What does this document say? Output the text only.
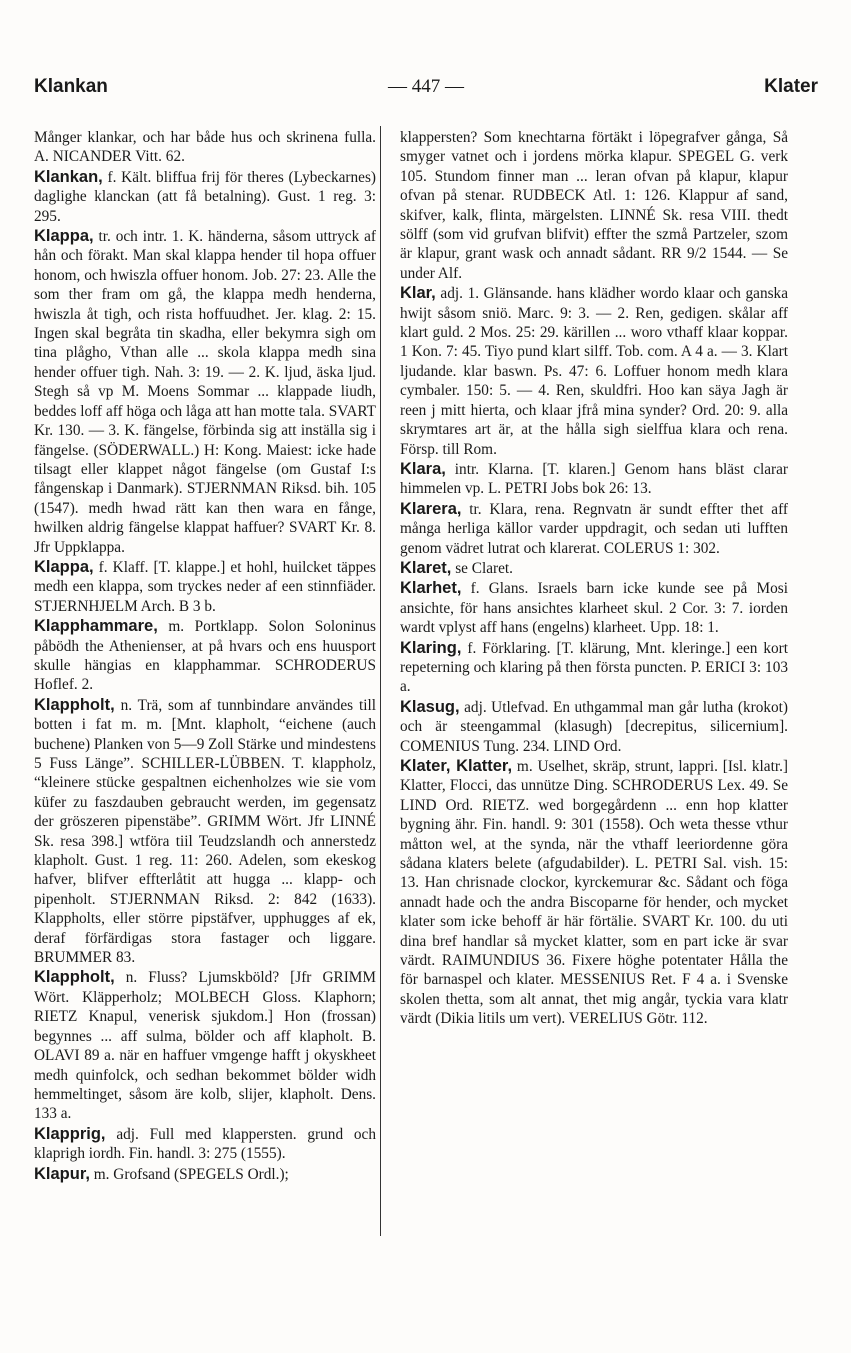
Klankan	— 447 —	Klater
Månger klankar, och har både hus och skrinena fulla. A. NICANDER Vitt. 62.
Klankan, f. Kält. bliffua frij för theres (Lybeckarnes) daglighe klanckan (att få betalning). Gust. 1 reg. 3: 295.
Klappa, tr. och intr. 1. K. händerna, såsom uttryck af hån och förakt. Man skal klappa hender til hopa offuer honom, och hwiszla offuer honom. Job. 27: 23. Alle the som ther fram om gå, the klappa medh henderna, hwiszla åt tigh, och rista hoffuudhet. Jer. klag. 2: 15. Ingen skal begråta tin skadha, eller bekymra sigh om tina plågho, Vthan alle ... skola klappa medh sina hender offuer tigh. Nah. 3: 19. — 2. K. ljud, äska ljud. Stegh så vp M. Moens Sommar ... klappade liudh, beddes loff aff höga och låga att han motte tala. SVART Kr. 130. — 3. K. fängelse, förbinda sig att inställa sig i fängelse. (SÖDERWALL.) H: Kong. Maiest: icke hade tilsagt eller klappet något fängelse (om Gustaf I:s fångenskap i Danmark). STJERNMAN Riksd. bih. 105 (1547). medh hwad rätt kan then wara en fånge, hwilken aldrig fängelse klappat haffuer? SVART Kr. 8. Jfr Uppklappa.
Klappa, f. Klaff. [T. klappe.] et hohl, huilcket täppes medh een klappa, som tryckes neder af een stinnfiäder. STJERNHJELM Arch. B 3 b.
Klapphammare, m. Portklapp. Solon Soloninus påbödh the Athenienser, at på hvars och ens huusport skulle hängias en klapphammar. SCHRODERUS Hoflef. 2.
Klappholt, n. Trä, som af tunnbindare användes till botten i fat m. m. [Mnt. klapholt, “eichene (auch buchene) Planken von 5—9 Zoll Stärke und mindestens 5 Fuss Länge”. SCHILLER-LÜBBEN. T. klappholz, “kleinere stücke gespaltnen eichenholzes wie sie vom küfer zu faszdauben gebraucht werden, im gegensatz der gröszeren pipenstäbe”. GRIMM Wört. Jfr LINNÉ Sk. resa 398.] wtföra tiil Teudzslandh och annerstedz klapholt. Gust. 1 reg. 11: 260. Adelen, som ekeskog hafver, blifver effterlåtit att hugga ... klapp- och pipenholt. STJERNMAN Riksd. 2: 842 (1633). Klappholts, eller större pipstäfver, upphugges af ek, deraf förfärdigas stora fastager och liggare. BRUMMER 83.
Klappholt, n. Fluss? Ljumskböld? [Jfr GRIMM Wört. Kläpperholz; MOLBECH Gloss. Klaphorn; RIETZ Knapul, venerisk sjukdom.] Hon (frossan) begynnes ... aff sulma, bölder och aff klapholt. B. OLAVI 89 a. när en haffuer vmgenge hafft j okyskheet medh quinfolck, och sedhan bekommet bölder widh hemmeltinget, såsom äre kolb, slijer, klapholt. Dens. 133 a.
Klapprig, adj. Full med klappersten. grund och klaprigh iordh. Fin. handl. 3: 275 (1555).
Klapur, m. Grofsand (SPEGELS Ordl.);
klappersten? Som knechtarna förtäkt i löpegrafver gånga, Så smyger vatnet och i jordens mörka klapur. SPEGEL G. verk 105. Stundom finner man ... leran ofvan på klapur, klapur ofvan på stenar. RUDBECK Atl. 1: 126. Klappur af sand, skifver, kalk, flinta, märgelsten. LINNÉ Sk. resa VIII. thedt sölff (som vid grufvan blifvit) effter the szmå Partzeler, szom är klapur, grant wask och annadt sådant. RR 9/2 1544. — Se under Alf.
Klar, adj. 1. Glänsande. hans klädher wordo klaar och ganska hwijt såsom sniö. Marc. 9: 3. — 2. Ren, gedigen. skålar aff klart guld. 2 Mos. 25: 29. kärillen ... woro vthaff klaar koppar. 1 Kon. 7: 45. Tiyo pund klart silff. Tob. com. A 4 a. — 3. Klart ljudande. klar baswn. Ps. 47: 6. Loffuer honom medh klara cymbaler. 150: 5. — 4. Ren, skuldfri. Hoo kan säya Jagh är reen j mitt hierta, och klaar jfrå mina synder? Ord. 20: 9. alla skrymtares art är, at the hålla sigh sielffua klara och rena. Försp. till Rom.
Klara, intr. Klarna. [T. klaren.] Genom hans bläst clarar himmelen vp. L. PETRI Jobs bok 26: 13.
Klarera, tr. Klara, rena. Regnvatn är sundt effter thet aff många herliga källor varder uppdragit, och sedan uti lufften genom vädret lutrat och klarerat. COLERUS 1: 302.
Klaret, se Claret.
Klarhet, f. Glans. Israels barn icke kunde see på Mosi ansichte, för hans ansichtes klarheet skul. 2 Cor. 3: 7. iorden wardt vplyst aff hans (engelns) klarheet. Upp. 18: 1.
Klaring, f. Förklaring. [T. klärung, Mnt. kleringe.] een kort repeterning och klaring på then första puncten. P. ERICI 3: 103 a.
Klasug, adj. Utlefvad. En uthgammal man går lutha (krokot) och är steengammal (klasugh) [decrepitus, silicernium]. COMENIUS Tung. 234. LIND Ord.
Klater, Klatter, m. Uselhet, skräp, strunt, lappri. [Isl. klatr.] Klatter, Flocci, das unnütze Ding. SCHRODERUS Lex. 49. Se LIND Ord. RIETZ. wed borgegårdenn ... enn hop klatter bygning ähr. Fin. handl. 9: 301 (1558). Och weta thesse vthur måtton wel, at the synda, när the vthaff leeriordenne göra sådana klaters belete (afgudabilder). L. PETRI Sal. vish. 15: 13. Han chrisnade clockor, kyrckemurar &c. Sådant och föga annadt hade och the andra Biscoparne för hender, och mycket klater som icke behoff är här förtälie. SVART Kr. 100. du uti dina bref handlar så mycket klatter, som en part icke är svar värdt. RAIMUNDIUS 36. Fixere höghe potentater Hålla the för barnaspel och klater. MESSENIUS Ret. F 4 a. i Svenske skolen thetta, som alt annat, thet mig angår, tyckia vara klatr värdt (Dikia litils um vert). VERELIUS Götr. 112.
